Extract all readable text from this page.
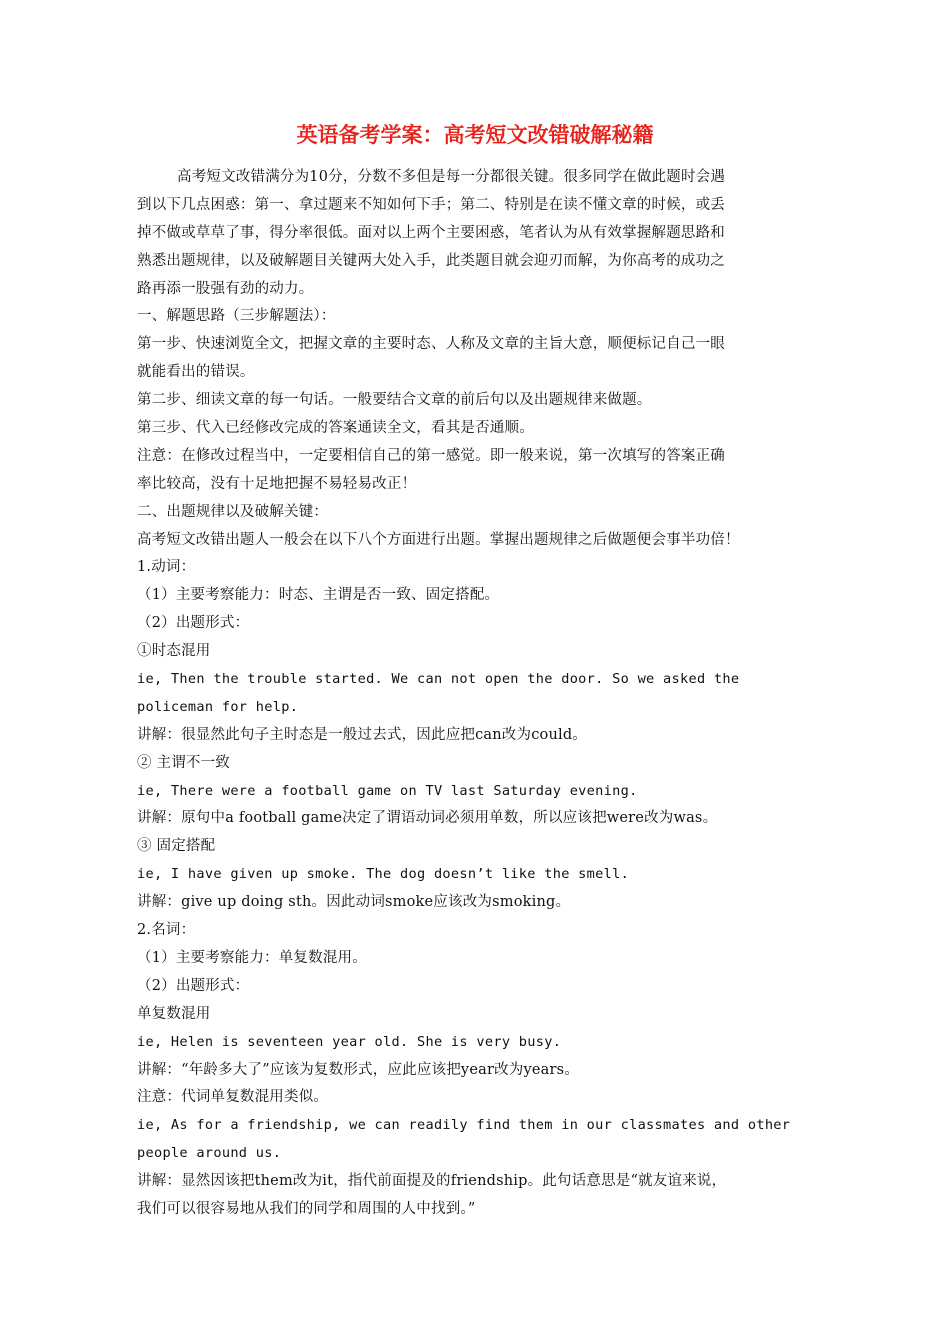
英语备考学案：高考短文改错破解秘籍
高考短文改错满分为10分，分数不多但是每一分都很关键。很多同学在做此题时会遇
到以下几点困惑：第一、拿过题来不知如何下手；第二、特别是在读不懂文章的时候，或丢
掉不做或草草了事，得分率很低。面对以上两个主要困惑，笔者认为从有效掌握解题思路和
熟悉出题规律，以及破解题目关键两大处入手，此类题目就会迎刃而解，为你高考的成功之
路再添一股强有劲的动力。
一、解题思路（三步解题法）：
第一步、快速浏览全文，把握文章的主要时态、人称及文章的主旨大意，顺便标记自己一眼
就能看出的错误。
第二步、细读文章的每一句话。一般要结合文章的前后句以及出题规律来做题。
第三步、代入已经修改完成的答案通读全文，看其是否通顺。
注意：在修改过程当中，一定要相信自己的第一感觉。即一般来说，第一次填写的答案正确
率比较高，没有十足地把握不易轻易改正！
二、出题规律以及破解关键：
高考短文改错出题人一般会在以下八个方面进行出题。掌握出题规律之后做题便会事半功倍！
1.动词：
（1）主要考察能力：时态、主谓是否一致、固定搭配。
（2）出题形式：
①时态混用
ie, Then the trouble started. We can not open the door. So we asked the
policeman for help.
讲解：很显然此句子主时态是一般过去式，因此应把can改为could。
② 主谓不一致
ie, There were a football game on TV last Saturday evening.
讲解：原句中a football game决定了谓语动词必须用单数，所以应该把were改为was。
③ 固定搭配
ie, I have given up smoke. The dog doesn’t like the smell.
讲解：give up doing sth。因此动词smoke应该改为smoking。
2.名词：
（1）主要考察能力：单复数混用。
（2）出题形式：
单复数混用
ie, Helen is seventeen year old. She is very busy.
讲解：“年龄多大了”应该为复数形式，应此应该把year改为years。
注意：代词单复数混用类似。
ie, As for a friendship, we can readily find them in our classmates and other
people around us.
讲解：显然因该把them改为it，指代前面提及的friendship。此句话意思是“就友谊来说，
我们可以很容易地从我们的同学和周围的人中找到。”
